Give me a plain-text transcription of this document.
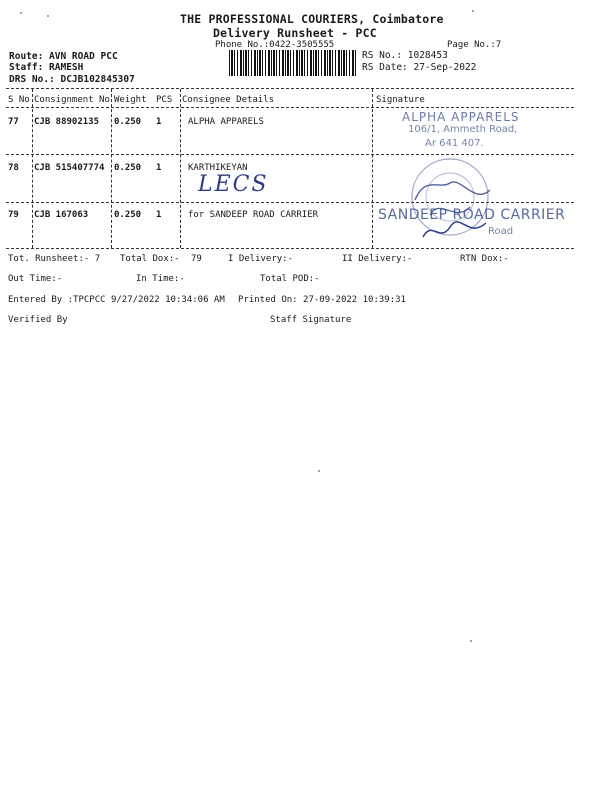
THE PROFESSIONAL COURIERS, Coimbatore
Delivery Runsheet - PCC
Phone No.:0422-3505555	Page No.:7
Route: AVN ROAD PCC
Staff: RAMESH
DRS No.: DCJB102845307
RS No.: 1028453
RS Date: 27-Sep-2022
S No Consignment No Weight PCS Consignee Details	Signature
77 CJB 88902135 0.250 1	ALPHA APPARELS
78 CJB 515407774 0.250 1	KARTHIKEYAN
79 CJB 167063	0.250 1	for SANDEEP ROAD CARRIER
LECS
ALPHA APPARELS
106/1, Ammeth Road,
Ar 641 407.
SANDEEP ROAD CARRIER
Road
Tot. Runsheet:- 7 Total Dox:- 79	I Delivery:-	II Delivery:-	RTN Dox:-
Out Time:-	In Time:-	Total POD:-
Entered By :TPCPCC 9/27/2022 10:34:06 AM Printed On: 27-09-2022 10:39:31
Verified By	Staff Signature
